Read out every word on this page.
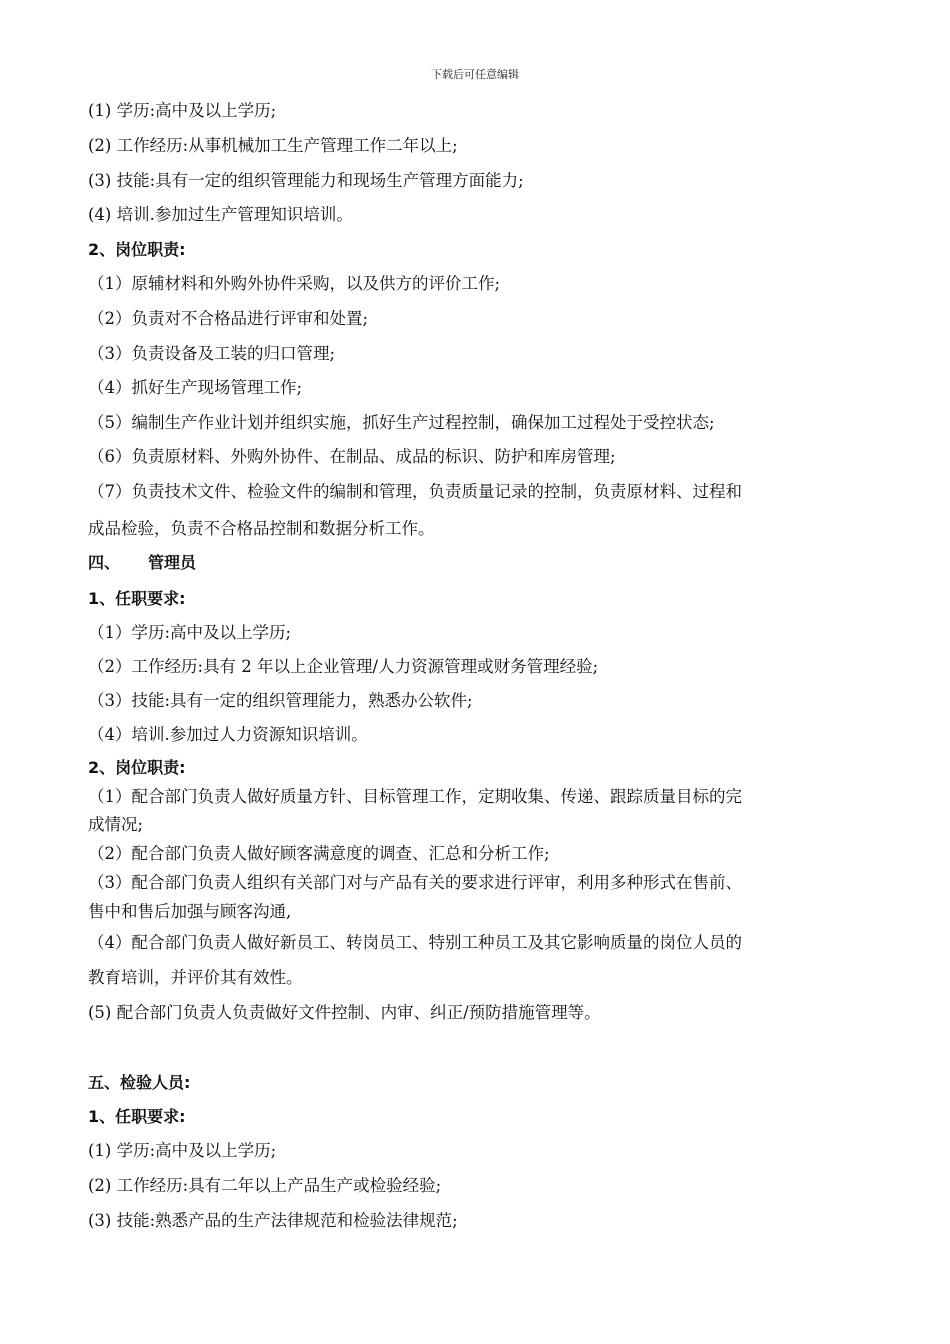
下载后可任意编辑
(1) 学历:高中及以上学历;
(2) 工作经历:从事机械加工生产管理工作二年以上;
(3) 技能:具有一定的组织管理能力和现场生产管理方面能力;
(4) 培训.参加过生产管理知识培训。
2、岗位职责:
（1）原辅材料和外购外协件采购，以及供方的评价工作;
（2）负责对不合格品进行评审和处置;
（3）负责设备及工装的归口管理;
（4）抓好生产现场管理工作;
（5）编制生产作业计划并组织实施，抓好生产过程控制，确保加工过程处于受控状态;
（6）负责原材料、外购外协件、在制品、成品的标识、防护和库房管理;
（7）负责技术文件、检验文件的编制和管理，负责质量记录的控制，负责原材料、过程和
成品检验，负责不合格品控制和数据分析工作。
四、 管理员
1、任职要求:
（1）学历:高中及以上学历;
（2）工作经历:具有 2 年以上企业管理/人力资源管理或财务管理经验;
（3）技能:具有一定的组织管理能力，熟悉办公软件;
（4）培训.参加过人力资源知识培训。
2、岗位职责:
（1）配合部门负责人做好质量方针、目标管理工作，定期收集、传递、跟踪质量目标的完
成情况;
（2）配合部门负责人做好顾客满意度的调查、汇总和分析工作;
（3）配合部门负责人组织有关部门对与产品有关的要求进行评审，利用多种形式在售前、
售中和售后加强与顾客沟通,
（4）配合部门负责人做好新员工、转岗员工、特别工种员工及其它影响质量的岗位人员的
教育培训，并评价其有效性。
(5) 配合部门负责人负责做好文件控制、内审、纠正/预防措施管理等。
五、检验人员:
1、任职要求:
(1) 学历:高中及以上学历;
(2) 工作经历:具有二年以上产品生产或检验经验;
(3) 技能:熟悉产品的生产法律规范和检验法律规范;
